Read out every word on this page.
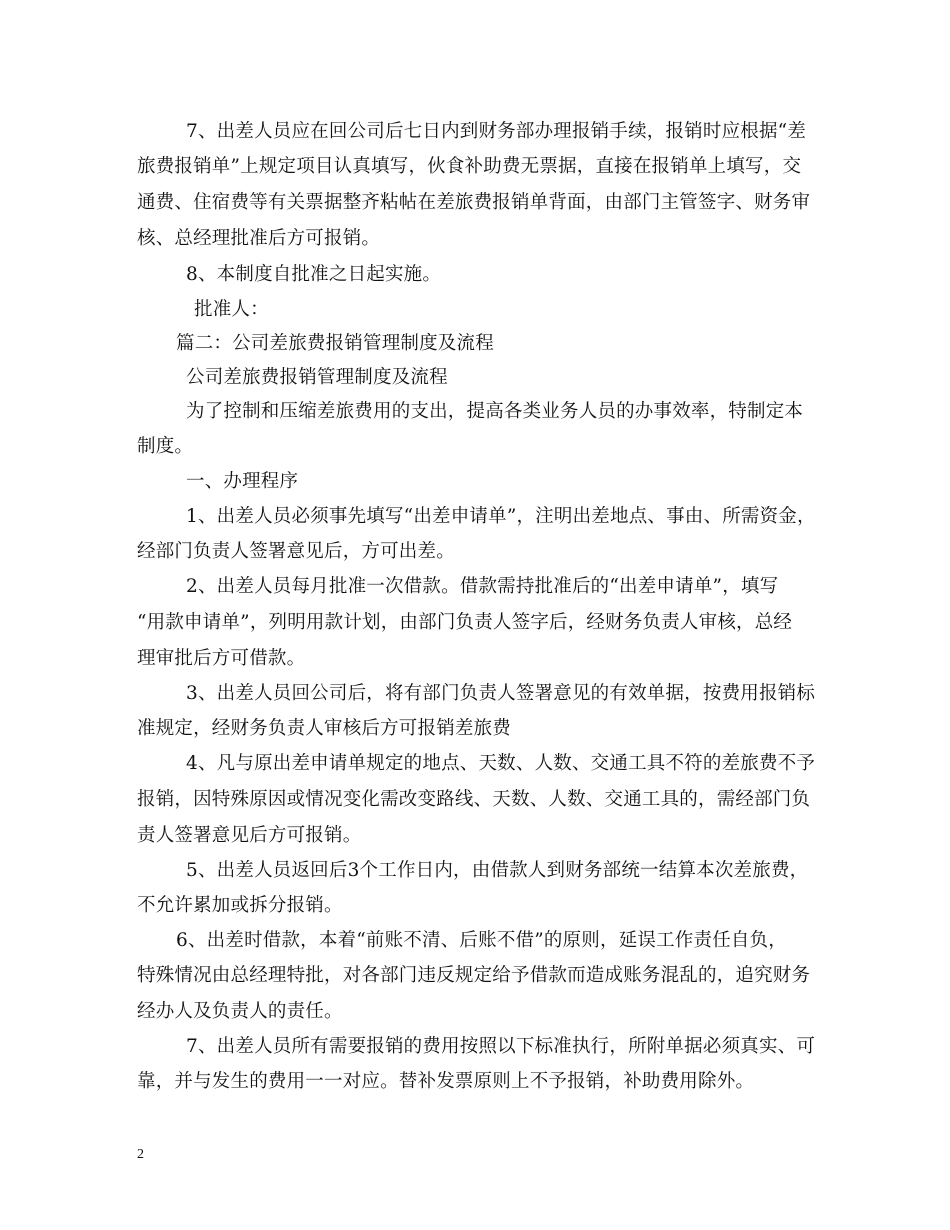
7、出差人员应在回公司后七日内到财务部办理报销手续，报销时应根据“差
旅费报销单”上规定项目认真填写，伙食补助费无票据，直接在报销单上填写，交
通费、住宿费等有关票据整齐粘帖在差旅费报销单背面，由部门主管签字、财务审
核、总经理批准后方可报销。
8、本制度自批准之日起实施。
批准人：
篇二：公司差旅费报销管理制度及流程
公司差旅费报销管理制度及流程
为了控制和压缩差旅费用的支出，提高各类业务人员的办事效率，特制定本
制度。
一、办理程序
1、出差人员必须事先填写“出差申请单”，注明出差地点、事由、所需资金，
经部门负责人签署意见后，方可出差。
2、出差人员每月批准一次借款。借款需持批准后的“出差申请单”，填写
“用款申请单”，列明用款计划，由部门负责人签字后，经财务负责人审核，总经
理审批后方可借款。
3、出差人员回公司后，将有部门负责人签署意见的有效单据，按费用报销标
准规定，经财务负责人审核后方可报销差旅费
4、凡与原出差申请单规定的地点、天数、人数、交通工具不符的差旅费不予
报销，因特殊原因或情况变化需改变路线、天数、人数、交通工具的，需经部门负
责人签署意见后方可报销。
5、出差人员返回后3个工作日内，由借款人到财务部统一结算本次差旅费，
不允许累加或拆分报销。
6、出差时借款，本着“前账不清、后账不借”的原则，延误工作责任自负，
特殊情况由总经理特批，对各部门违反规定给予借款而造成账务混乱的，追究财务
经办人及负责人的责任。
7、出差人员所有需要报销的费用按照以下标准执行，所附单据必须真实、可
靠，并与发生的费用一一对应。替补发票原则上不予报销，补助费用除外。
2
